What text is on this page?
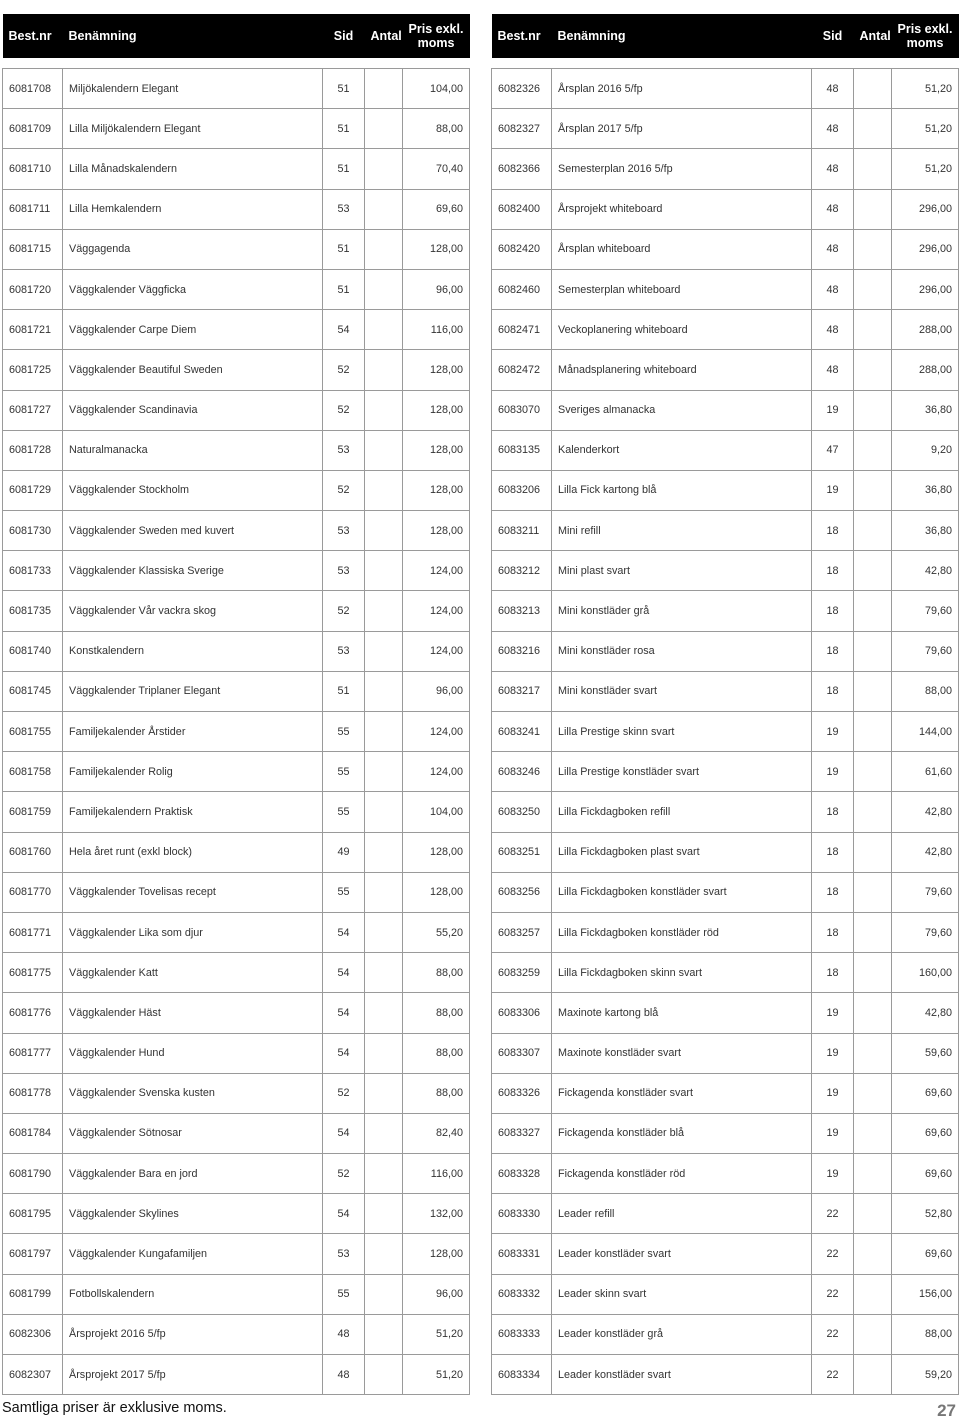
Best.nr	Benämning	Sid	Antal	Pris exkl. moms

6081708	Miljökalendern Elegant	51		104,00
6081709	Lilla Miljökalendern Elegant	51		88,00
6081710	Lilla Månadskalendern	51		70,40
6081711	Lilla Hemkalendern	53		69,60
6081715	Väggagenda	51		128,00
6081720	Väggkalender Väggficka	51		96,00
6081721	Väggkalender Carpe Diem	54		116,00
6081725	Väggkalender Beautiful Sweden	52		128,00
6081727	Väggkalender Scandinavia	52		128,00
6081728	Naturalmanacka	53		128,00
6081729	Väggkalender Stockholm	52		128,00
6081730	Väggkalender Sweden med kuvert	53		128,00
6081733	Väggkalender Klassiska Sverige	53		124,00
6081735	Väggkalender Vår vackra skog	52		124,00
6081740	Konstkalendern	53		124,00
6081745	Väggkalender Triplaner Elegant	51		96,00
6081755	Familjekalender Årstider	55		124,00
6081758	Familjekalender Rolig	55		124,00
6081759	Familjekalendern Praktisk	55		104,00
6081760	Hela året runt (exkl block)	49		128,00
6081770	Väggkalender Tovelisas recept	55		128,00
6081771	Väggkalender Lika som djur	54		55,20
6081775	Väggkalender Katt	54		88,00
6081776	Väggkalender Häst	54		88,00
6081777	Väggkalender Hund	54		88,00
6081778	Väggkalender Svenska kusten	52		88,00
6081784	Väggkalender Sötnosar	54		82,40
6081790	Väggkalender Bara en jord	52		116,00
6081795	Väggkalender Skylines	54		132,00
6081797	Väggkalender Kungafamiljen	53		128,00
6081799	Fotbollskalendern	55		96,00
6082306	Årsprojekt 2016 5/fp	48		51,20
6082307	Årsprojekt 2017 5/fp	48		51,20
Best.nr	Benämning	Sid	Antal	Pris exkl. moms

6082326	Årsplan 2016 5/fp	48		51,20
6082327	Årsplan 2017 5/fp	48		51,20
6082366	Semesterplan 2016 5/fp	48		51,20
6082400	Årsprojekt whiteboard	48		296,00
6082420	Årsplan whiteboard	48		296,00
6082460	Semesterplan whiteboard	48		296,00
6082471	Veckoplanering whiteboard	48		288,00
6082472	Månadsplanering whiteboard	48		288,00
6083070	Sveriges almanacka	19		36,80
6083135	Kalenderkort	47		9,20
6083206	Lilla Fick kartong blå	19		36,80
6083211	Mini refill	18		36,80
6083212	Mini plast svart	18		42,80
6083213	Mini konstläder grå	18		79,60
6083216	Mini konstläder rosa	18		79,60
6083217	Mini konstläder svart	18		88,00
6083241	Lilla Prestige skinn svart	19		144,00
6083246	Lilla Prestige konstläder svart	19		61,60
6083250	Lilla Fickdagboken refill	18		42,80
6083251	Lilla Fickdagboken plast svart	18		42,80
6083256	Lilla Fickdagboken konstläder svart	18		79,60
6083257	Lilla Fickdagboken konstläder röd	18		79,60
6083259	Lilla Fickdagboken skinn svart	18		160,00
6083306	Maxinote kartong blå	19		42,80
6083307	Maxinote konstläder svart	19		59,60
6083326	Fickagenda konstläder svart	19		69,60
6083327	Fickagenda konstläder blå	19		69,60
6083328	Fickagenda konstläder röd	19		69,60
6083330	Leader refill	22		52,80
6083331	Leader konstläder svart	22		69,60
6083332	Leader skinn svart	22		156,00
6083333	Leader konstläder grå	22		88,00
6083334	Leader konstläder svart	22		59,20
Samtliga priser är exklusive moms.	27
